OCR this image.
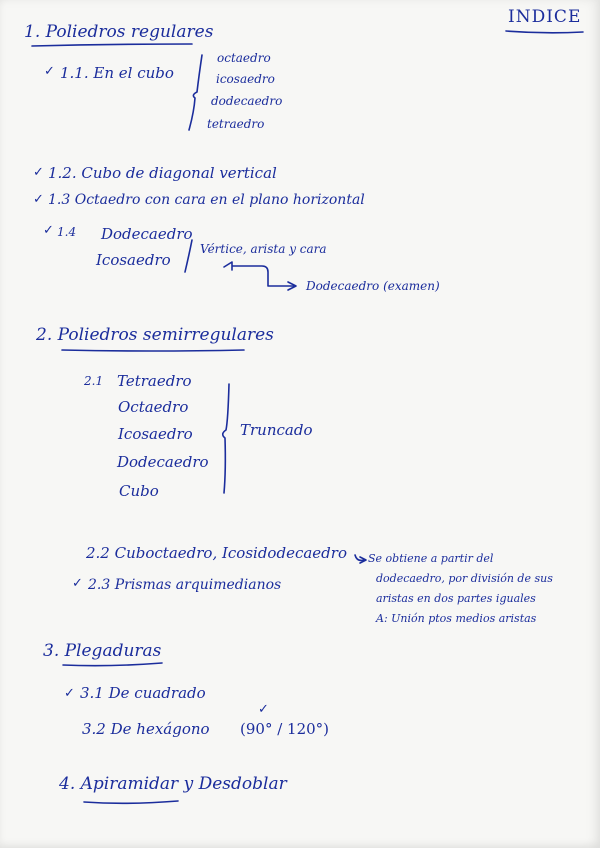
INDICE
1. Poliedros regulares
✓ 1.1. En el cubo
octaedro
icosaedro
dodecaedro
tetraedro
✓ 1.2. Cubo de diagonal vertical
✓ 1.3 Octaedro con cara en el plano horizontal
✓ 1.4 Dodecaedro
Icosaedro
Vértice, arista y cara
Dodecaedro (examen)
2. Poliedros semirregulares
2.1 Tetraedro
Octaedro
Icosaedro
Dodecaedro
Cubo
Truncado
2.2 Cuboctaedro, Icosidodecaedro Se obtiene a partir del
dodecaedro, por división de sus
aristas en dos partes iguales
A: Unión ptos medios aristas
✓ 2.3 Prismas arquimedianos
3. Plegaduras
✓ 3.1 De cuadrado
3.2 De hexágono
✓
(90° / 120°)
4. Apiramidar y Desdoblar
